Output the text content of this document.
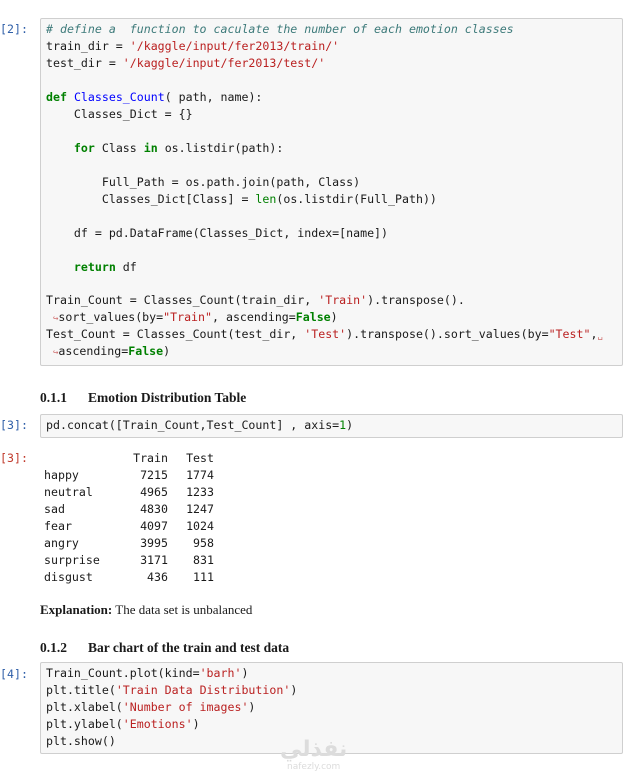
[2]:	# define a  function to caculate the number of each emotion classes
train_dir = '/kaggle/input/fer2013/train/'
test_dir = '/kaggle/input/fer2013/test/'
def Classes_Count( path, name):
Classes_Dict = {}
for Class in os.listdir(path):
Full_Path = os.path.join(path, Class)
Classes_Dict[Class] = len(os.listdir(Full_Path))
df = pd.DataFrame(Classes_Dict, index=[name])
return df
Train_Count = Classes_Count(train_dir, 'Train').transpose().
↪sort_values(by="Train", ascending=False)
Test_Count = Classes_Count(test_dir, 'Test').transpose().sort_values(by="Test",␣
↪ascending=False)
0.1.1 Emotion Distribution Table
[3]:	pd.concat([Train_Count,Test_Count] , axis=1)
[3]:
		Train	Test
happy	7215	1774
neutral	4965	1233
sad	4830	1247
fear	4097	1024
angry	3995	958
surprise	3171	831
disgust	436	111
Explanation: The data set is unbalanced
0.1.2 Bar chart of the train and test data
[4]:	Train_Count.plot(kind='barh')
plt.title('Train Data Distribution')
plt.xlabel('Number of images')
plt.ylabel('Emotions')
plt.show()	نفذلي
nafezly.com
